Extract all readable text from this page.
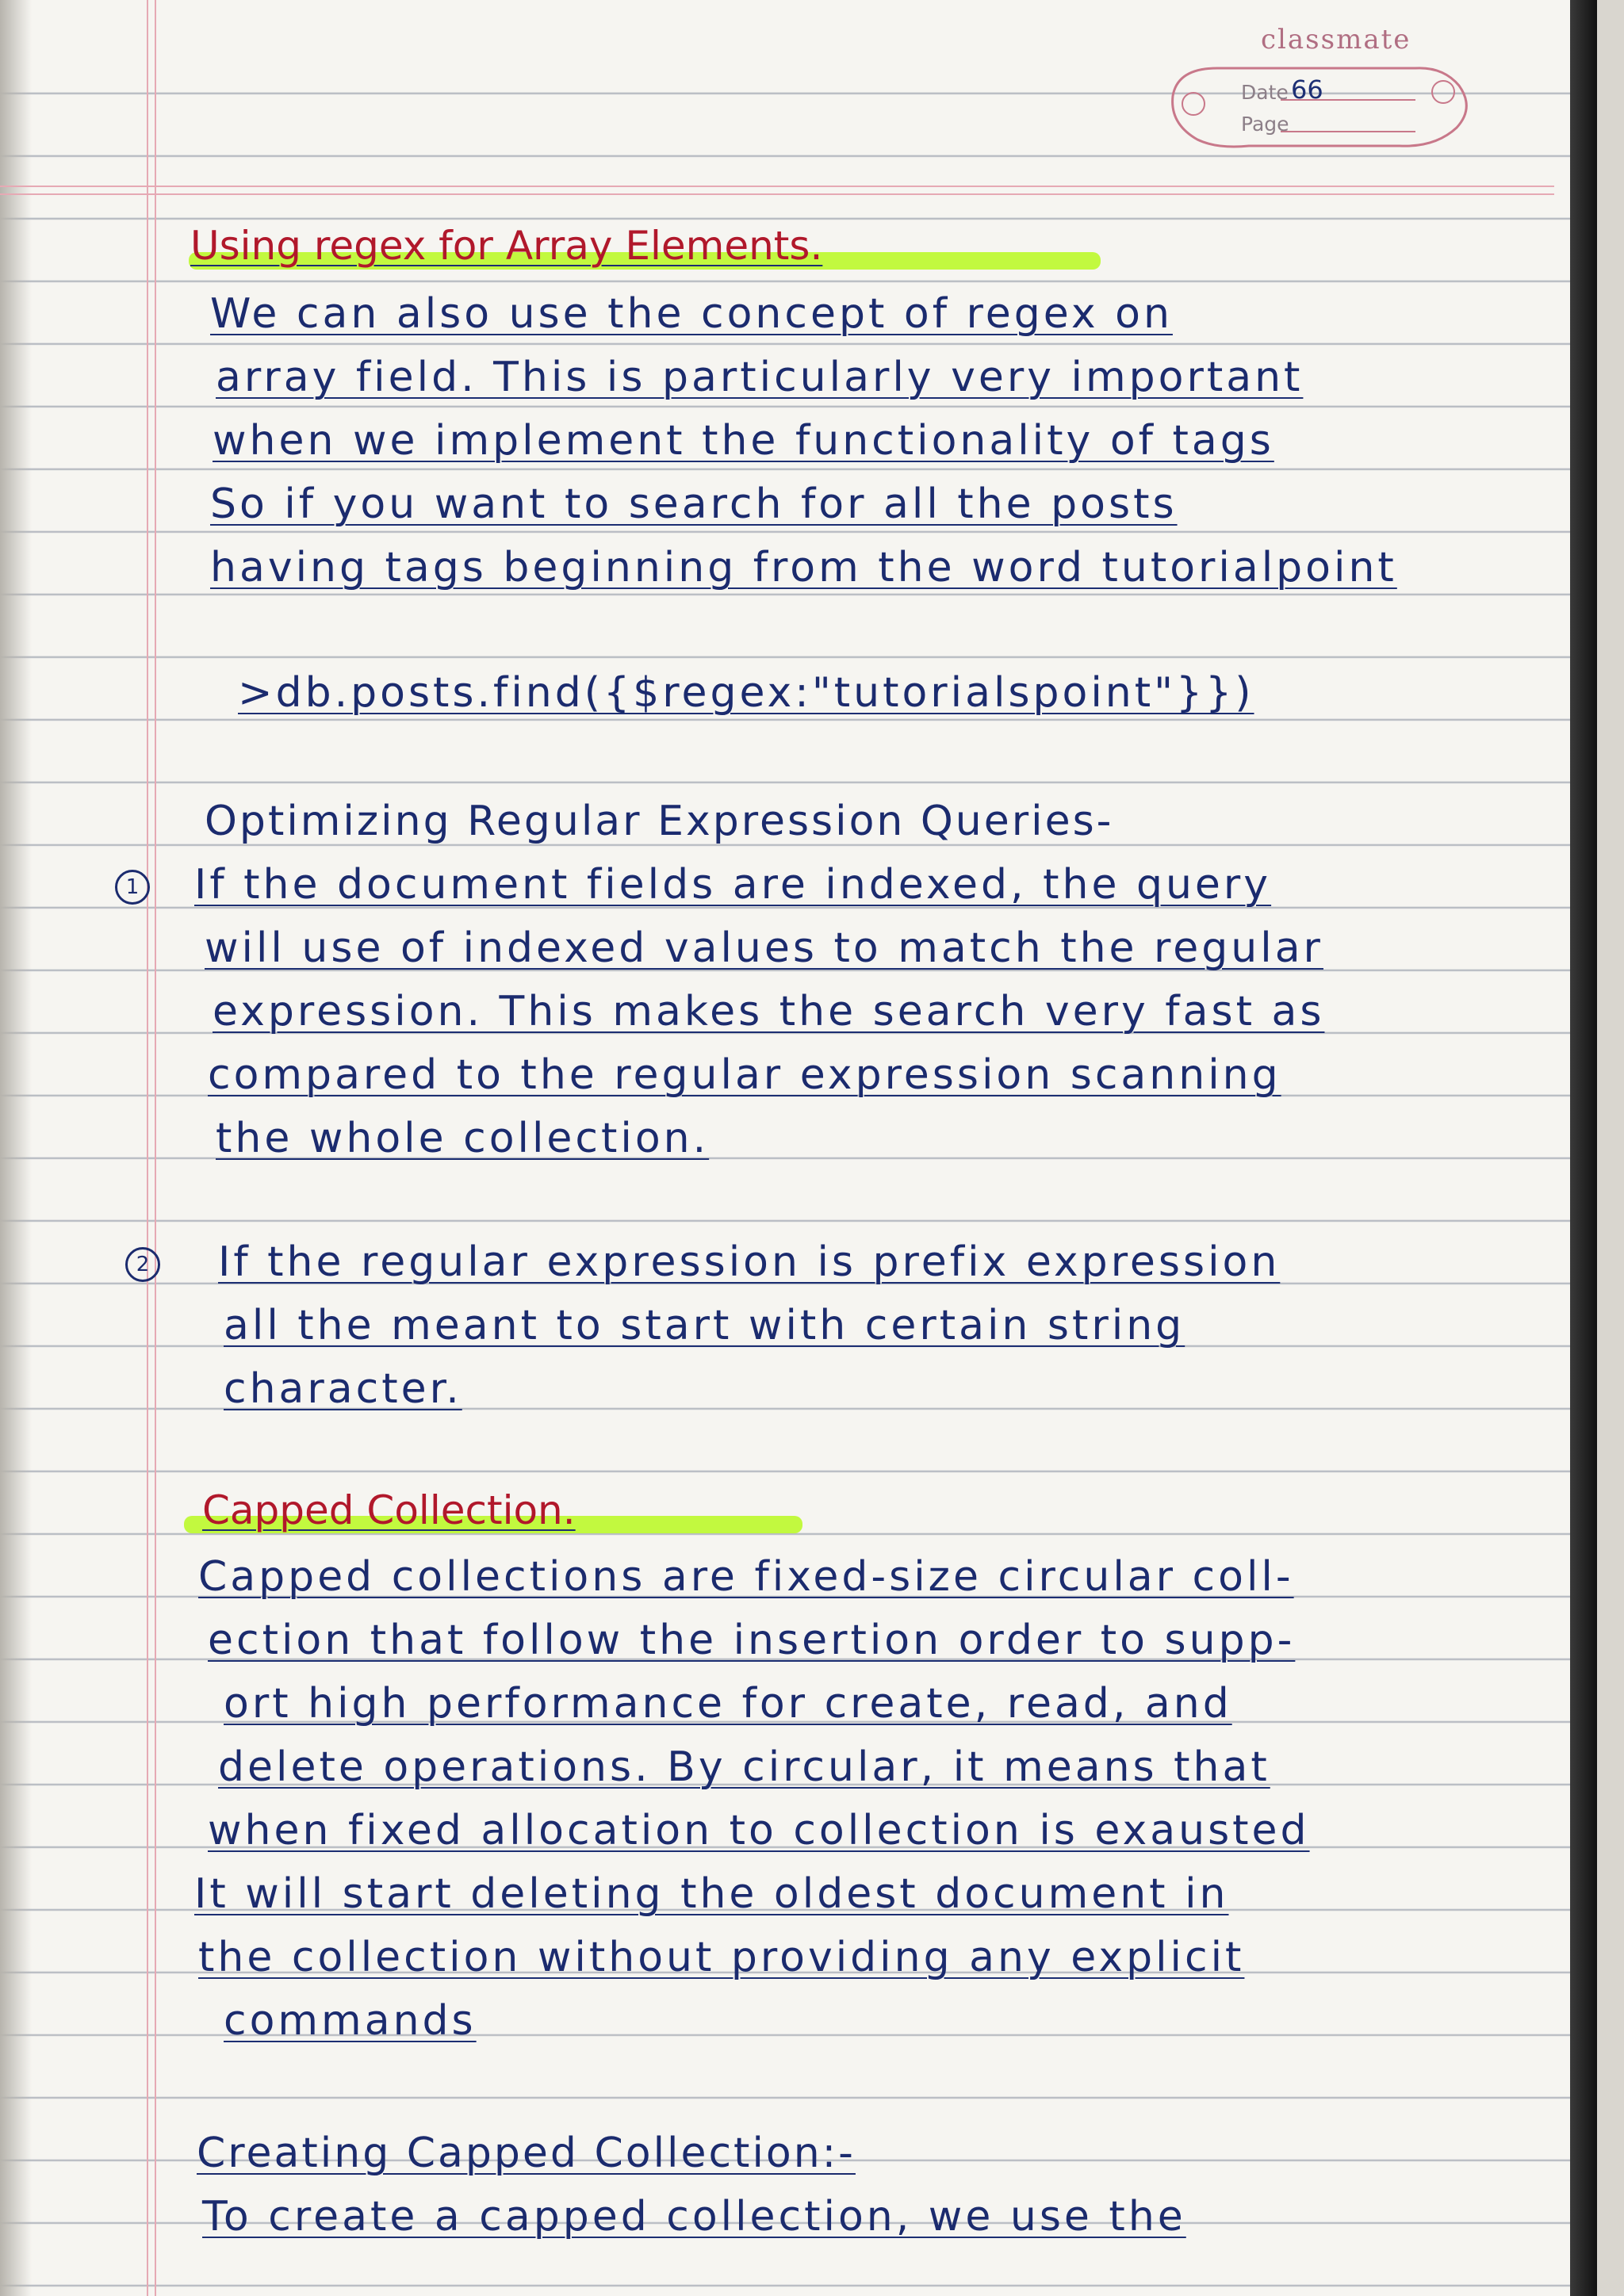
classmate
Date
Page
66

Using regex for Array Elements.

We can also use the concept of regex on

array field. This is particularly very important

when we implement the functionality of tags

So if you want to search for all the posts

having tags beginning from the word tutorialpoint

>db.posts.find({$regex:"tutorialspoint"}})

Optimizing Regular Expression Queries-

1 If the document fields are indexed, the query

will use of indexed values to match the regular

expression. This makes the search very fast as

compared to the regular expression scanning

the whole collection.

2 If the regular expression is prefix expression

all the meant to start with certain string

character.

Capped Collection.

Capped collections are fixed-size circular coll-

ection that follow the insertion order to supp-

ort high performance for create, read, and

delete operations. By circular, it means that

when fixed allocation to collection is exausted

It will start deleting the oldest document in

the collection without providing any explicit

commands

Creating Capped Collection:-

To create a capped collection, we use the
